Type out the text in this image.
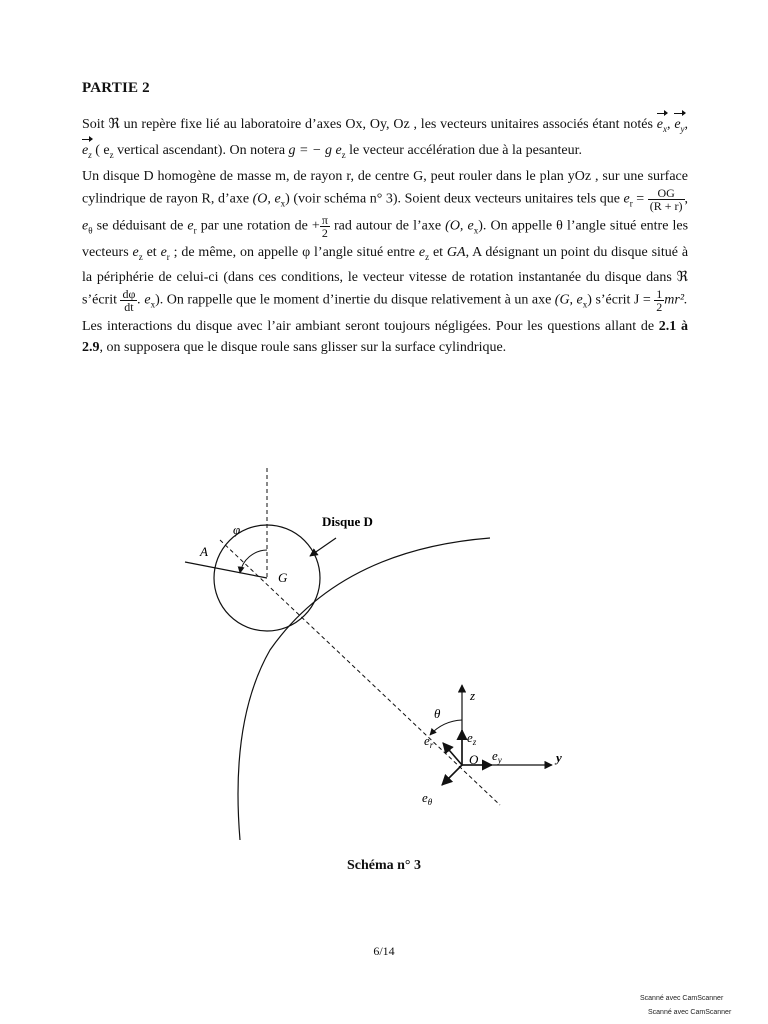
PARTIE 2

Soit ℜ un repère fixe lié au laboratoire d’axes Ox, Oy, Oz , les vecteurs unitaires associés étant notés $e_x$, $e_y$, $e_z$ ( $e_z$ vertical ascendant). On notera g = − g $e_z$ le vecteur accélération due à la pesanteur.

Un disque D homogène de masse m, de rayon r, de centre G, peut rouler dans le plan yOz , sur une surface cylindrique de rayon R, d’axe (O, $e_x$) (voir schéma n° 3). Soient deux vecteurs unitaires tels que $e_r = \frac{OG}{(R + r)}$ , $e_\theta$ se déduisant de $e_r$ par une rotation de + $\frac{\pi}{2}$ rad autour de l’axe (O, $e_x$). On appelle θ l’angle situé entre les vecteurs $e_z$ et $e_r$ ; de même, on appelle φ l’angle situé entre $e_z$ et GA, A désignant un point du disque situé à la périphérie de celui-ci (dans ces conditions, le vecteur vitesse de rotation instantanée du disque dans ℜ s’écrit $\frac{d\varphi}{dt}$ . $e_x$). On rappelle que le moment d’inertie du disque relativement à un axe (G, $e_x$) s’écrit $J = \frac{1}{2} mr^2$.

Les interactions du disque avec l’air ambiant seront toujours négligées. Pour les questions allant de 2.1 à 2.9, on supposera que le disque roule sans glisser sur la surface cylindrique.

Disque D
φ
A
G
z
θ
$e_r$	$e_z$
$e_y$
$e_\theta$
O	y
Schéma n° 3
6/14
Scanné avec CamScanner
Scanné avec CamScanner
